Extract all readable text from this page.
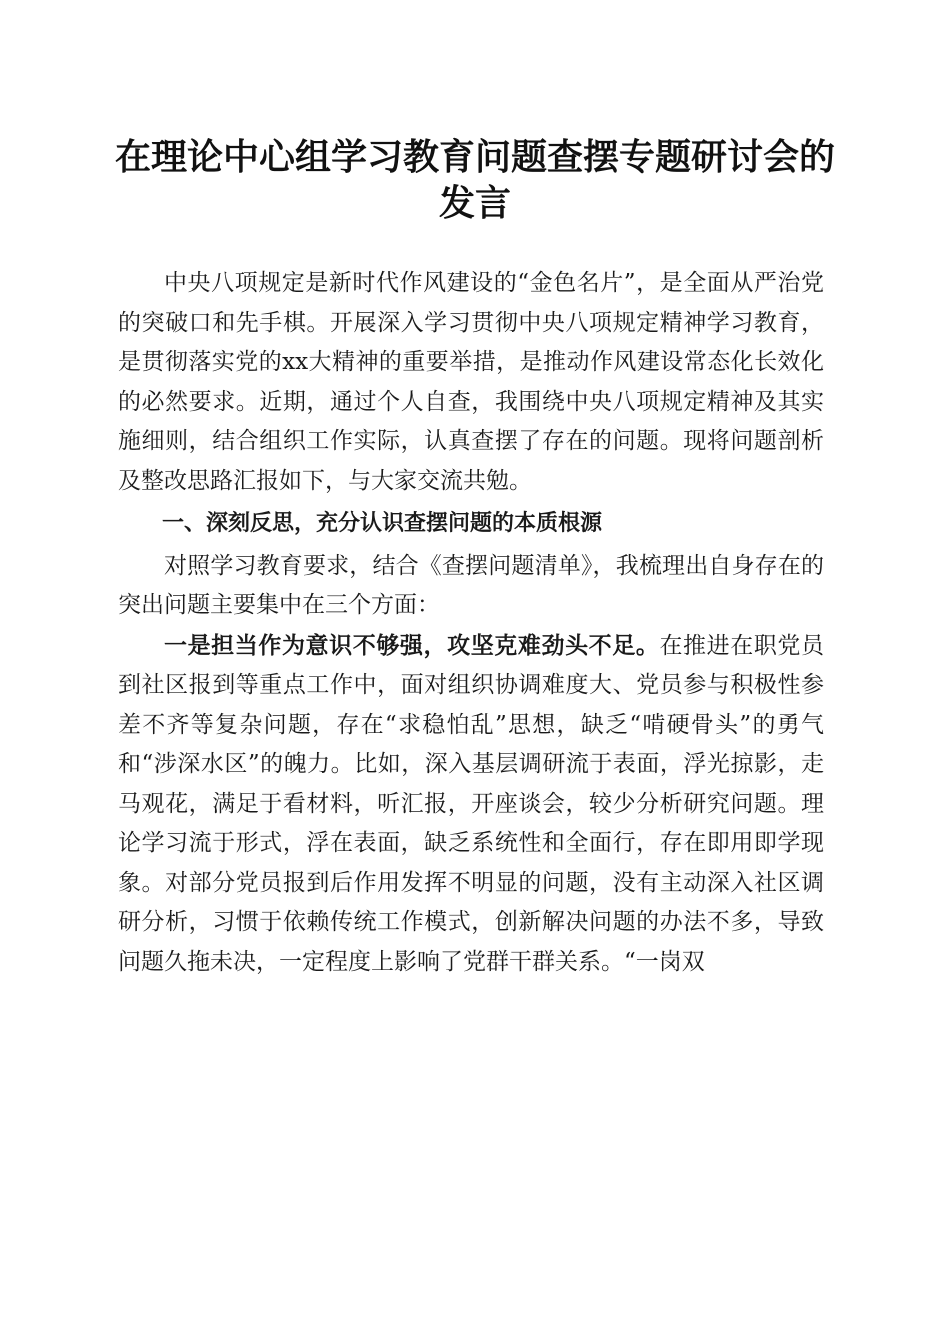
在理论中心组学习教育问题查摆专题研讨会的发言

中央八项规定是新时代作风建设的“金色名片”，是全面从严治党的突破口和先手棋。开展深入学习贯彻中央八项规定精神学习教育，是贯彻落实党的xx大精神的重要举措，是推动作风建设常态化长效化的必然要求。近期，通过个人自查，我围绕中央八项规定精神及其实施细则，结合组织工作实际，认真查摆了存在的问题。现将问题剖析及整改思路汇报如下，与大家交流共勉。

一、深刻反思，充分认识查摆问题的本质根源

对照学习教育要求，结合《查摆问题清单》，我梳理出自身存在的突出问题主要集中在三个方面：

一是担当作为意识不够强，攻坚克难劲头不足。在推进在职党员到社区报到等重点工作中，面对组织协调难度大、党员参与积极性参差不齐等复杂问题，存在“求稳怕乱”思想，缺乏“啃硬骨头”的勇气和“涉深水区”的魄力。比如，深入基层调研流于表面，浮光掠影，走马观花，满足于看材料，听汇报，开座谈会，较少分析研究问题。理论学习流于形式，浮在表面，缺乏系统性和全面行，存在即用即学现象。对部分党员报到后作用发挥不明显的问题，没有主动深入社区调研分析，习惯于依赖传统工作模式，创新解决问题的办法不多，导致问题久拖未决，一定程度上影响了党群干群关系。“一岗双
